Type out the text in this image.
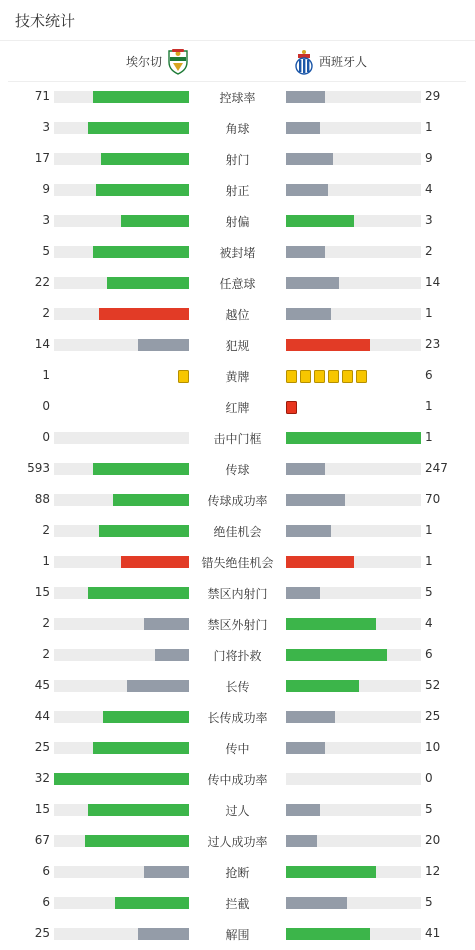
技术统计
埃尔切	西班牙人
71	控球率	29
3	角球	1
17	射门	9
9	射正	4
3	射偏	3
5	被封堵	2
22	任意球	14
2	越位	1
14	犯规	23
1	黄牌	6
0	红牌	1
0	击中门框	1
593	传球	247
88	传球成功率	70
2	绝佳机会	1
1	错失绝佳机会	1
15	禁区内射门	5
2	禁区外射门	4
2	门将扑救	6
45	长传	52
44	长传成功率	25
25	传中	10
32	传中成功率	0
15	过人	5
67	过人成功率	20
6	抢断	12
6	拦截	5
25	解围	41
